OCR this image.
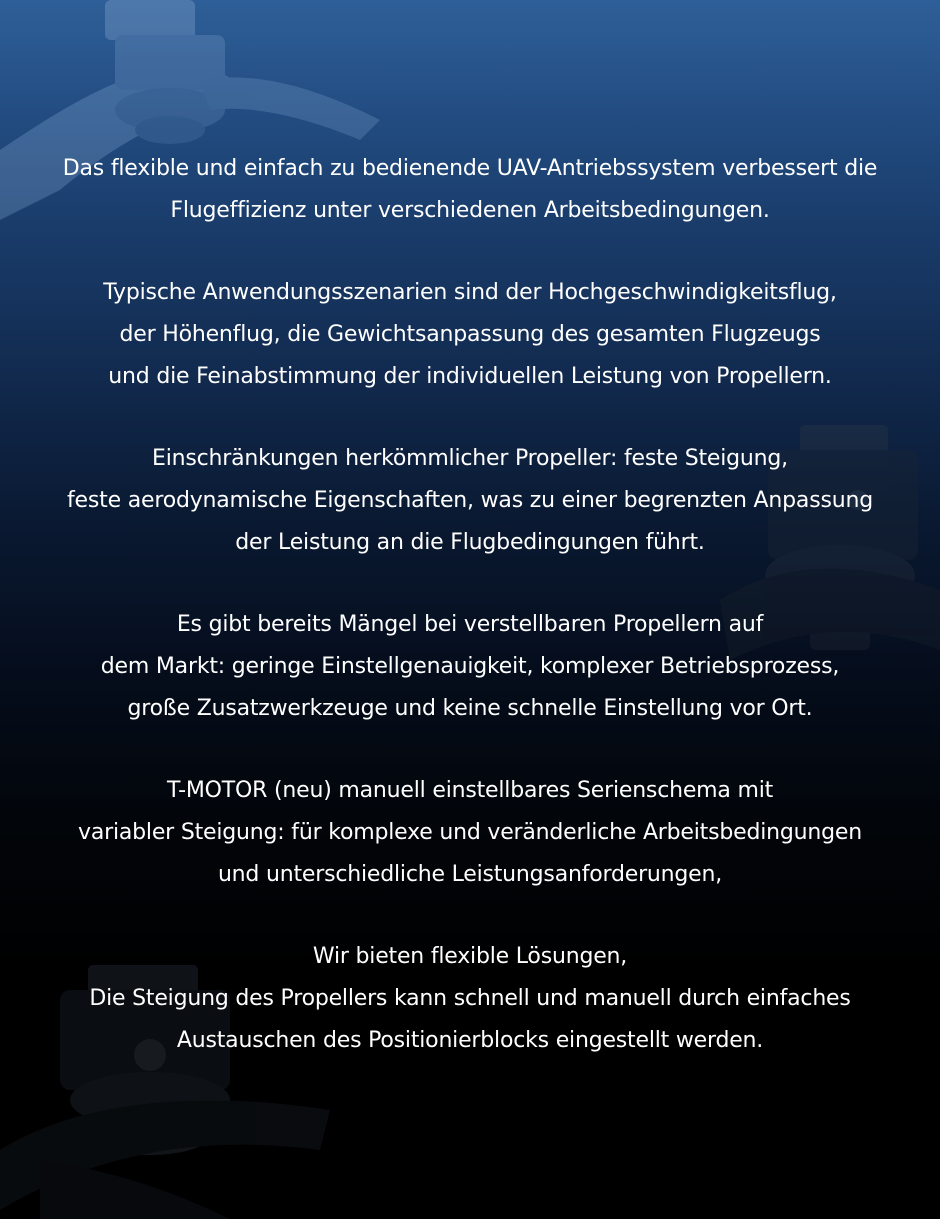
Das flexible und einfach zu bedienende UAV-Antriebssystem verbessert die
Flugeffizienz unter verschiedenen Arbeitsbedingungen.

Typische Anwendungsszenarien sind der Hochgeschwindigkeitsflug,
der Höhenflug, die Gewichtsanpassung des gesamten Flugzeugs
und die Feinabstimmung der individuellen Leistung von Propellern.

Einschränkungen herkömmlicher Propeller: feste Steigung,
feste aerodynamische Eigenschaften, was zu einer begrenzten Anpassung
der Leistung an die Flugbedingungen führt.

Es gibt bereits Mängel bei verstellbaren Propellern auf
dem Markt: geringe Einstellgenauigkeit, komplexer Betriebsprozess,
große Zusatzwerkzeuge und keine schnelle Einstellung vor Ort.

T-MOTOR (neu) manuell einstellbares Serienschema mit
variabler Steigung: für komplexe und veränderliche Arbeitsbedingungen
und unterschiedliche Leistungsanforderungen,

Wir bieten flexible Lösungen,
Die Steigung des Propellers kann schnell und manuell durch einfaches
Austauschen des Positionierblocks eingestellt werden.
